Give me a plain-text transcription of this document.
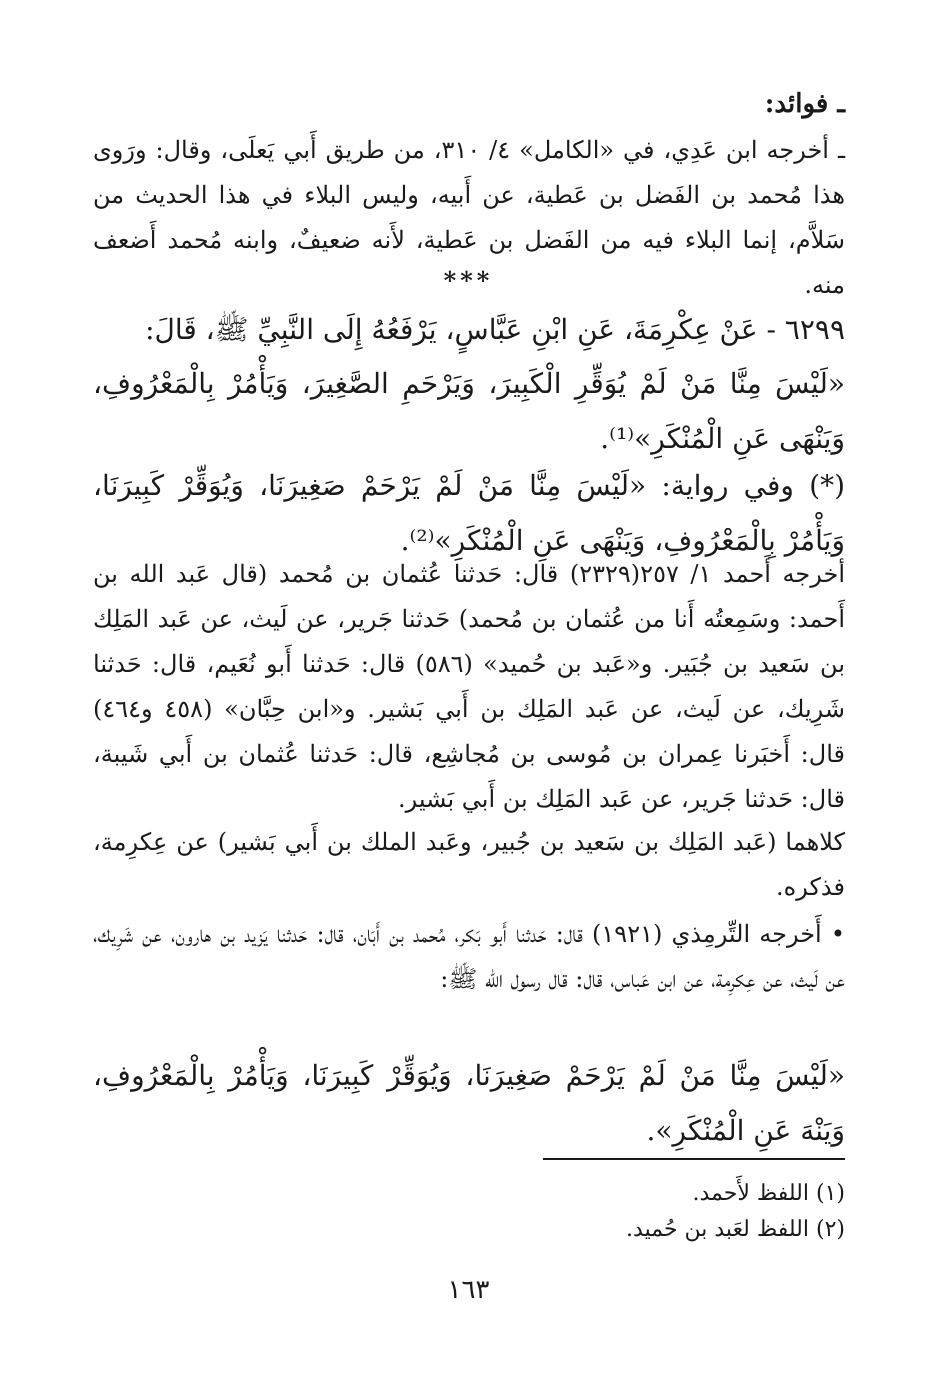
ـ فوائد:
ـ أخرجه ابن عَدِي، في «الكامل» ٤/ ٣١٠، من طريق أَبي يَعلَى، وقال: ورَوى هذا مُحمد بن الفَضل بن عَطية، عن أَبيه، وليس البلاء في هذا الحديث من سَلاَّم، إنما البلاء فيه من الفَضل بن عَطية، لأَنه ضعيفٌ، وابنه مُحمد أَضعف منه.
***
٦٢٩٩ - عَنْ عِكْرِمَةَ، عَنِ ابْنِ عَبَّاسٍ، يَرْفَعُهُ إِلَى النَّبِيِّ ﷺ، قَالَ:
«لَيْسَ مِنَّا مَنْ لَمْ يُوَقِّرِ الْكَبِيرَ، وَيَرْحَمِ الصَّغِيرَ، وَيَأْمُرْ بِالْمَعْرُوفِ، وَيَنْهَى عَنِ الْمُنْكَرِ»⁽¹⁾.
(*) وفي رواية: «لَيْسَ مِنَّا مَنْ لَمْ يَرْحَمْ صَغِيرَنَا، وَيُوَقِّرْ كَبِيرَنَا، وَيَأْمُرْ بِالْمَعْرُوفِ، وَيَنْهَى عَنِ الْمُنْكَرِ»⁽²⁾.
أخرجه أَحمد ١/ ٢٥٧(٢٣٢٩) قال: حَدثنا عُثمان بن مُحمد (قال عَبد الله بن أَحمد: وسَمِعتُه أَنا من عُثمان بن مُحمد) حَدثنا جَرير، عن لَيث، عن عَبد المَلِك بن سَعيد بن جُبَير. و«عَبد بن حُميد» (٥٨٦) قال: حَدثنا أَبو نُعَيم، قال: حَدثنا شَرِيك، عن لَيث، عن عَبد المَلِك بن أَبي بَشير. و«ابن حِبَّان» (٤٥٨ و٤٦٤) قال: أَخبَرنا عِمران بن مُوسى بن مُجاشِع، قال: حَدثنا عُثمان بن أَبي شَيبة، قال: حَدثنا جَرير، عن عَبد المَلِك بن أَبي بَشير.
كلاهما (عَبد المَلِك بن سَعيد بن جُبير، وعَبد الملك بن أَبي بَشير) عن عِكرِمة، فذكره.
• أَخرجه التِّرمِذي (١٩٢١) قال: حَدثنا أَبو بَكر، مُحمد بن أَبَان، قال: حَدثنا يَزيد بن هارون، عن شَرِيك، عن لَيث، عن عِكرِمة، عن ابن عَباس، قال: قال رسول الله ﷺ:
«لَيْسَ مِنَّا مَنْ لَمْ يَرْحَمْ صَغِيرَنَا، وَيُوَقِّرْ كَبِيرَنَا، وَيَأْمُرْ بِالْمَعْرُوفِ، وَيَنْهَ عَنِ الْمُنْكَرِ».
(١) اللفظ لأَحمد.
(٢) اللفظ لعَبد بن حُميد.
١٦٣
